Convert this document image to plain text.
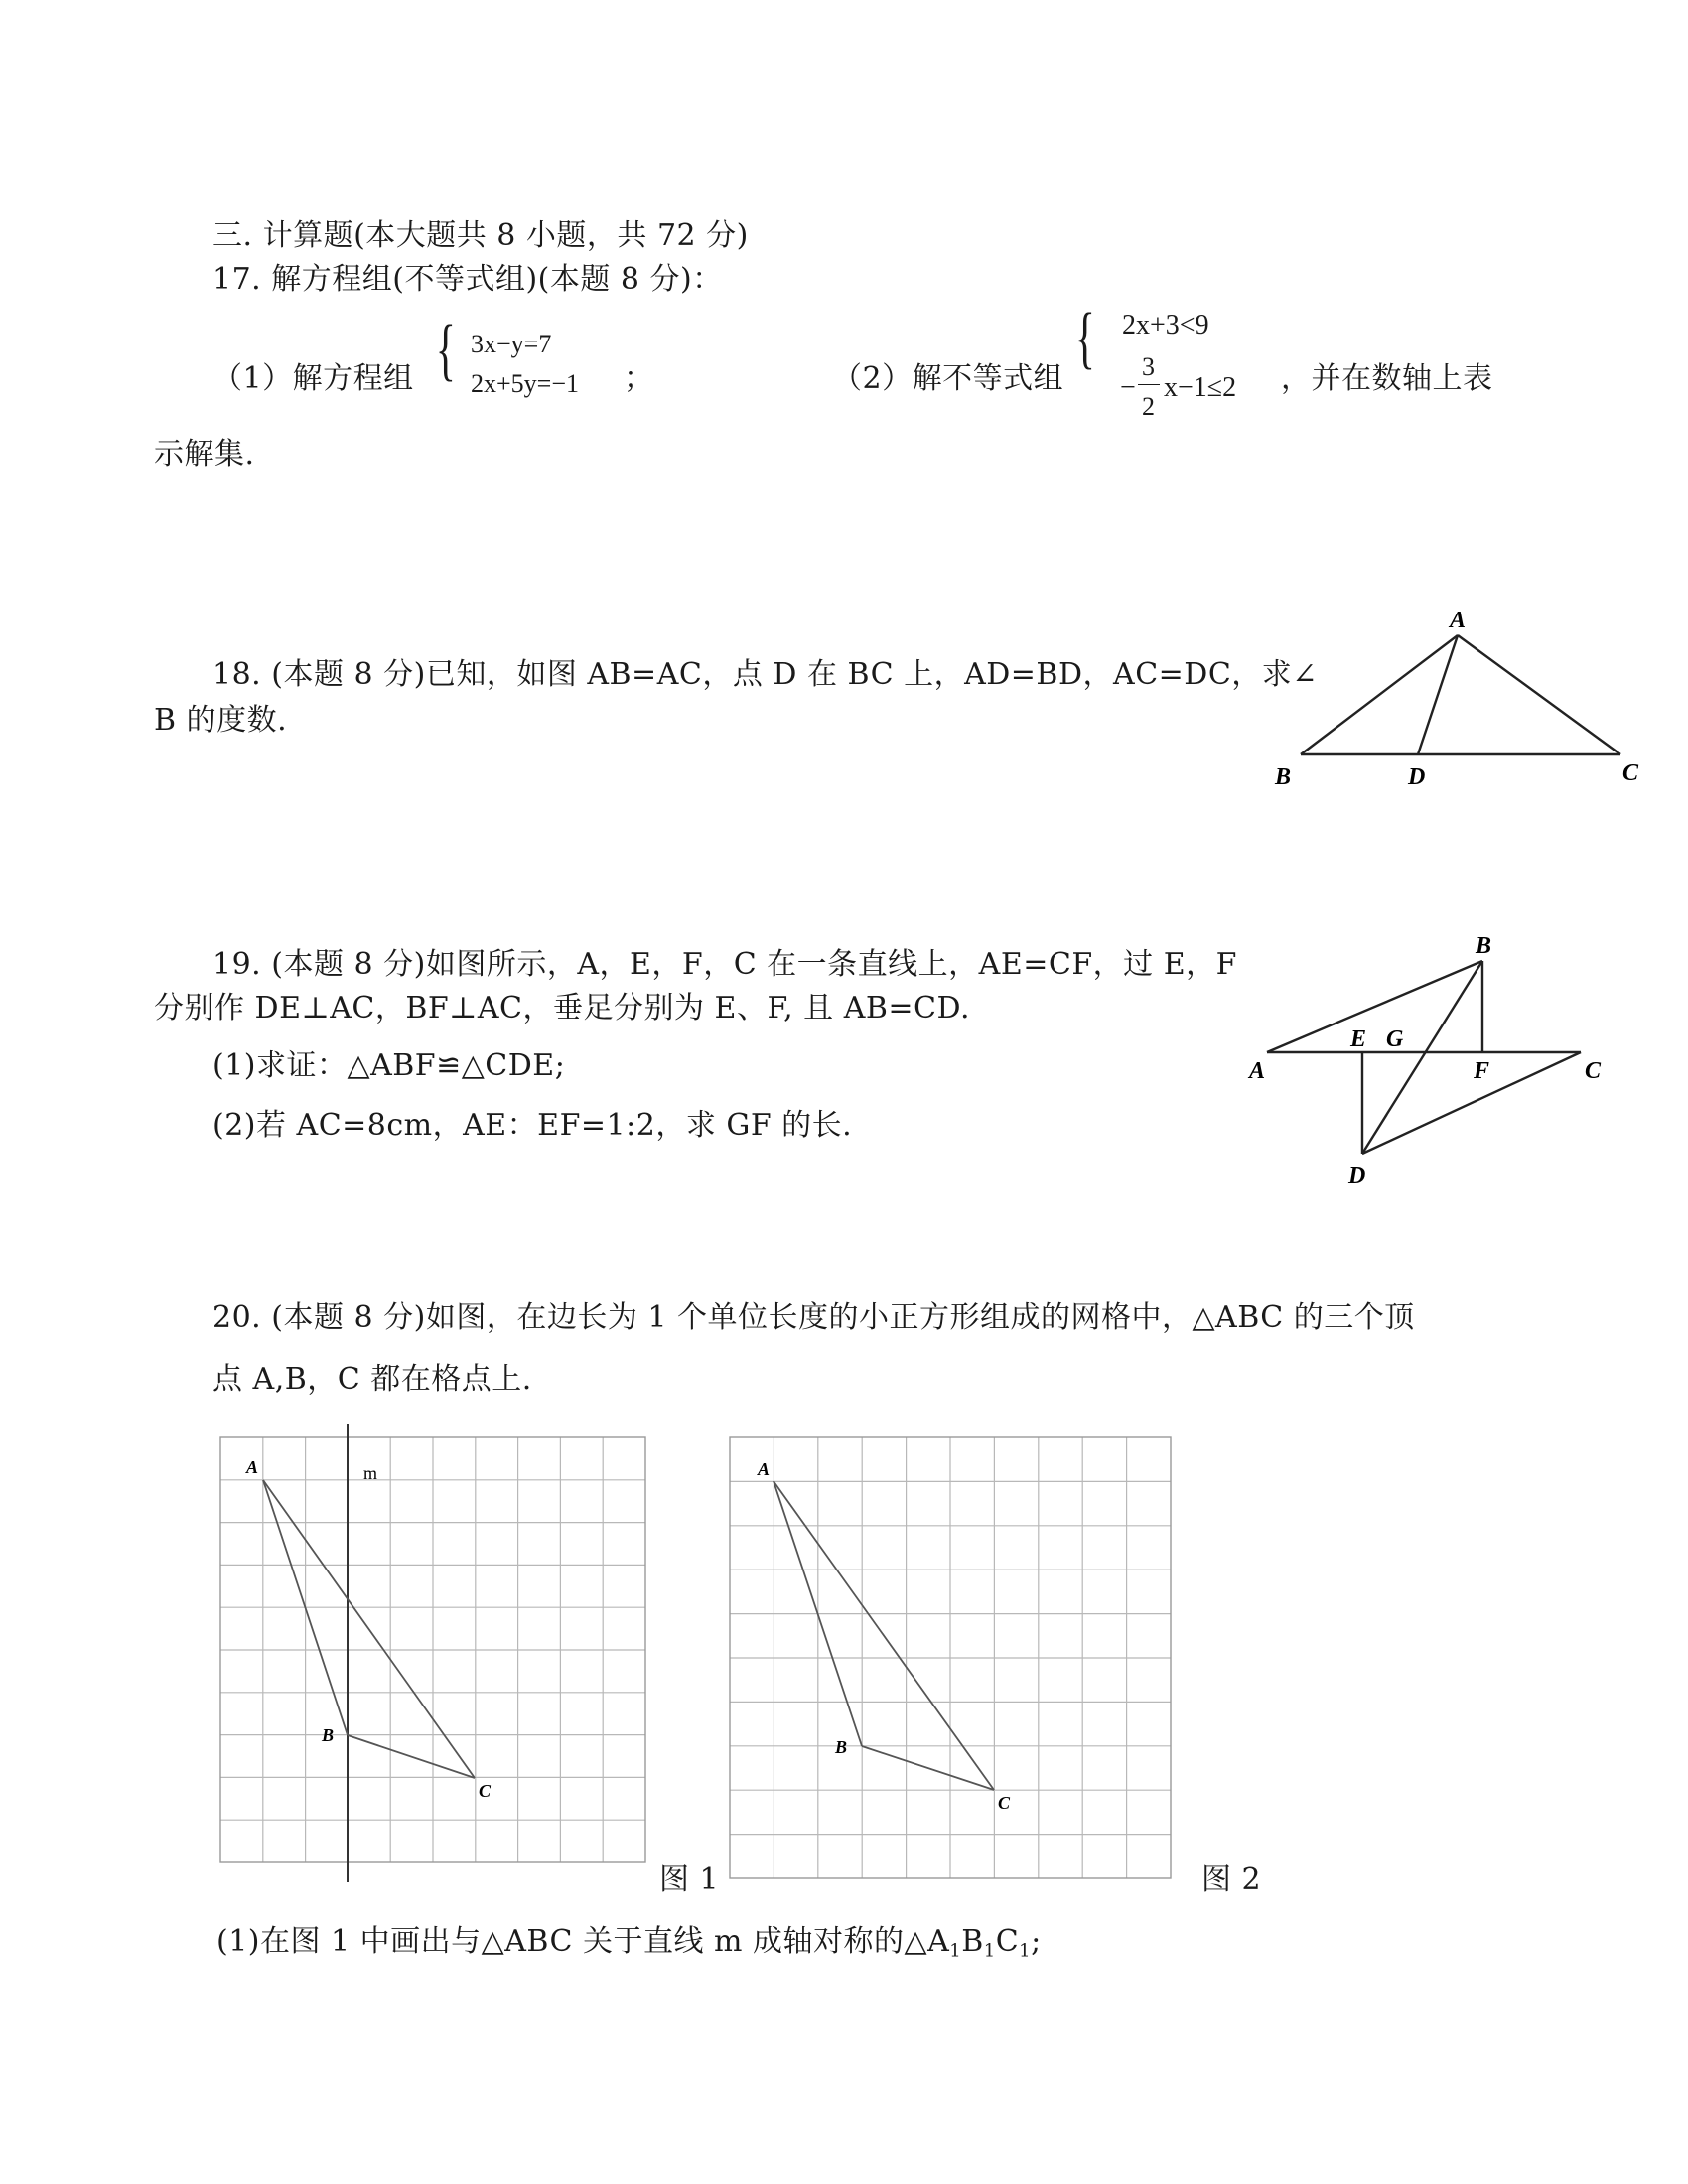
三. 计算题(本大题共 8 小题，共 72 分)
17. 解方程组(不等式组)(本题 8 分)：
（1）解方程组 { 3x−y=7
2x+5y=−1 ；	（2）解不等式组
{ 2x+3<9
−
3
2
x−1≤2 ，并在数轴上表
示解集.
18. (本题 8 分)已知，如图 AB=AC，点 D 在 BC 上，AD=BD，AC=DC，求∠
B 的度数.
A
B	D	C
19. (本题 8 分)如图所示，A，E，F，C 在一条直线上，AE=CF，过 E，F
分别作 DE⊥AC，BF⊥AC，垂足分别为 E、F, 且 AB=CD.
(1)求证：△ABF≌△CDE;
(2)若 AC=8cm，AE：EF=1:2，求 GF 的长.
B
E G
A	F	C
D
20. (本题 8 分)如图，在边长为 1 个单位长度的小正方形组成的网格中，△ABC 的三个顶
点 A,B，C 都在格点上.
A	m
B
C
图 1
A
B
C
图 2
(1)在图 1 中画出与△ABC 关于直线 m 成轴对称的$\triangle A_1B_1C_1$;
